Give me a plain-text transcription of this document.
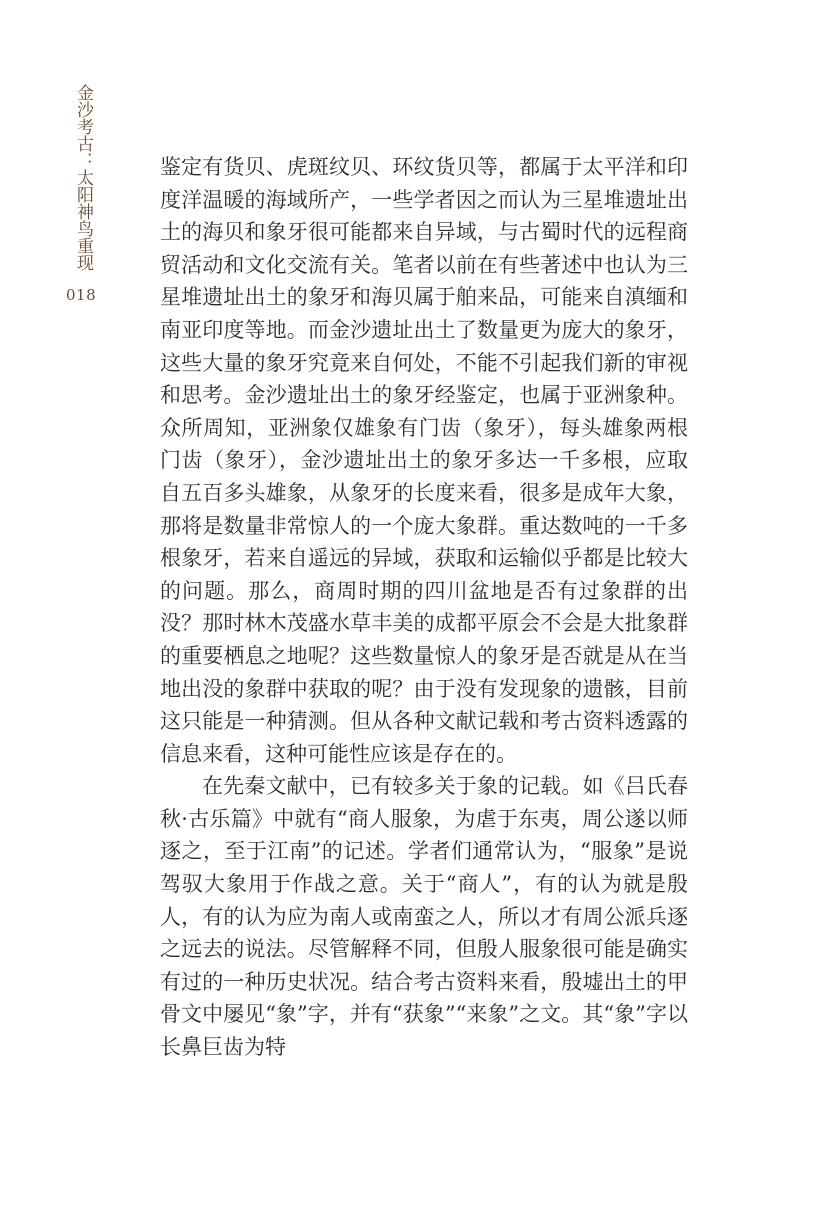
金沙考古：太阳神鸟重现
018

鉴定有货贝、虎斑纹贝、环纹货贝等，都属于太平洋和印度洋温暖的海域所产，一些学者因之而认为三星堆遗址出土的海贝和象牙很可能都来自异域，与古蜀时代的远程商贸活动和文化交流有关。笔者以前在有些著述中也认为三星堆遗址出土的象牙和海贝属于舶来品，可能来自滇缅和南亚印度等地。而金沙遗址出土了数量更为庞大的象牙，这些大量的象牙究竟来自何处，不能不引起我们新的审视和思考。金沙遗址出土的象牙经鉴定，也属于亚洲象种。众所周知，亚洲象仅雄象有门齿（象牙），每头雄象两根门齿（象牙），金沙遗址出土的象牙多达一千多根，应取自五百多头雄象，从象牙的长度来看，很多是成年大象，那将是数量非常惊人的一个庞大象群。重达数吨的一千多根象牙，若来自遥远的异域，获取和运输似乎都是比较大的问题。那么，商周时期的四川盆地是否有过象群的出没？那时林木茂盛水草丰美的成都平原会不会是大批象群的重要栖息之地呢？这些数量惊人的象牙是否就是从在当地出没的象群中获取的呢？由于没有发现象的遗骸，目前这只能是一种猜测。但从各种文献记载和考古资料透露的信息来看，这种可能性应该是存在的。

在先秦文献中，已有较多关于象的记载。如《吕氏春秋·古乐篇》中就有“商人服象，为虐于东夷，周公遂以师逐之，至于江南”的记述。学者们通常认为，“服象”是说驾驭大象用于作战之意。关于“商人”，有的认为就是殷人，有的认为应为南人或南蛮之人，所以才有周公派兵逐之远去的说法。尽管解释不同，但殷人服象很可能是确实有过的一种历史状况。结合考古资料来看，殷墟出土的甲骨文中屡见“象”字，并有“获象”“来象”之文。其“象”字以长鼻巨齿为特
